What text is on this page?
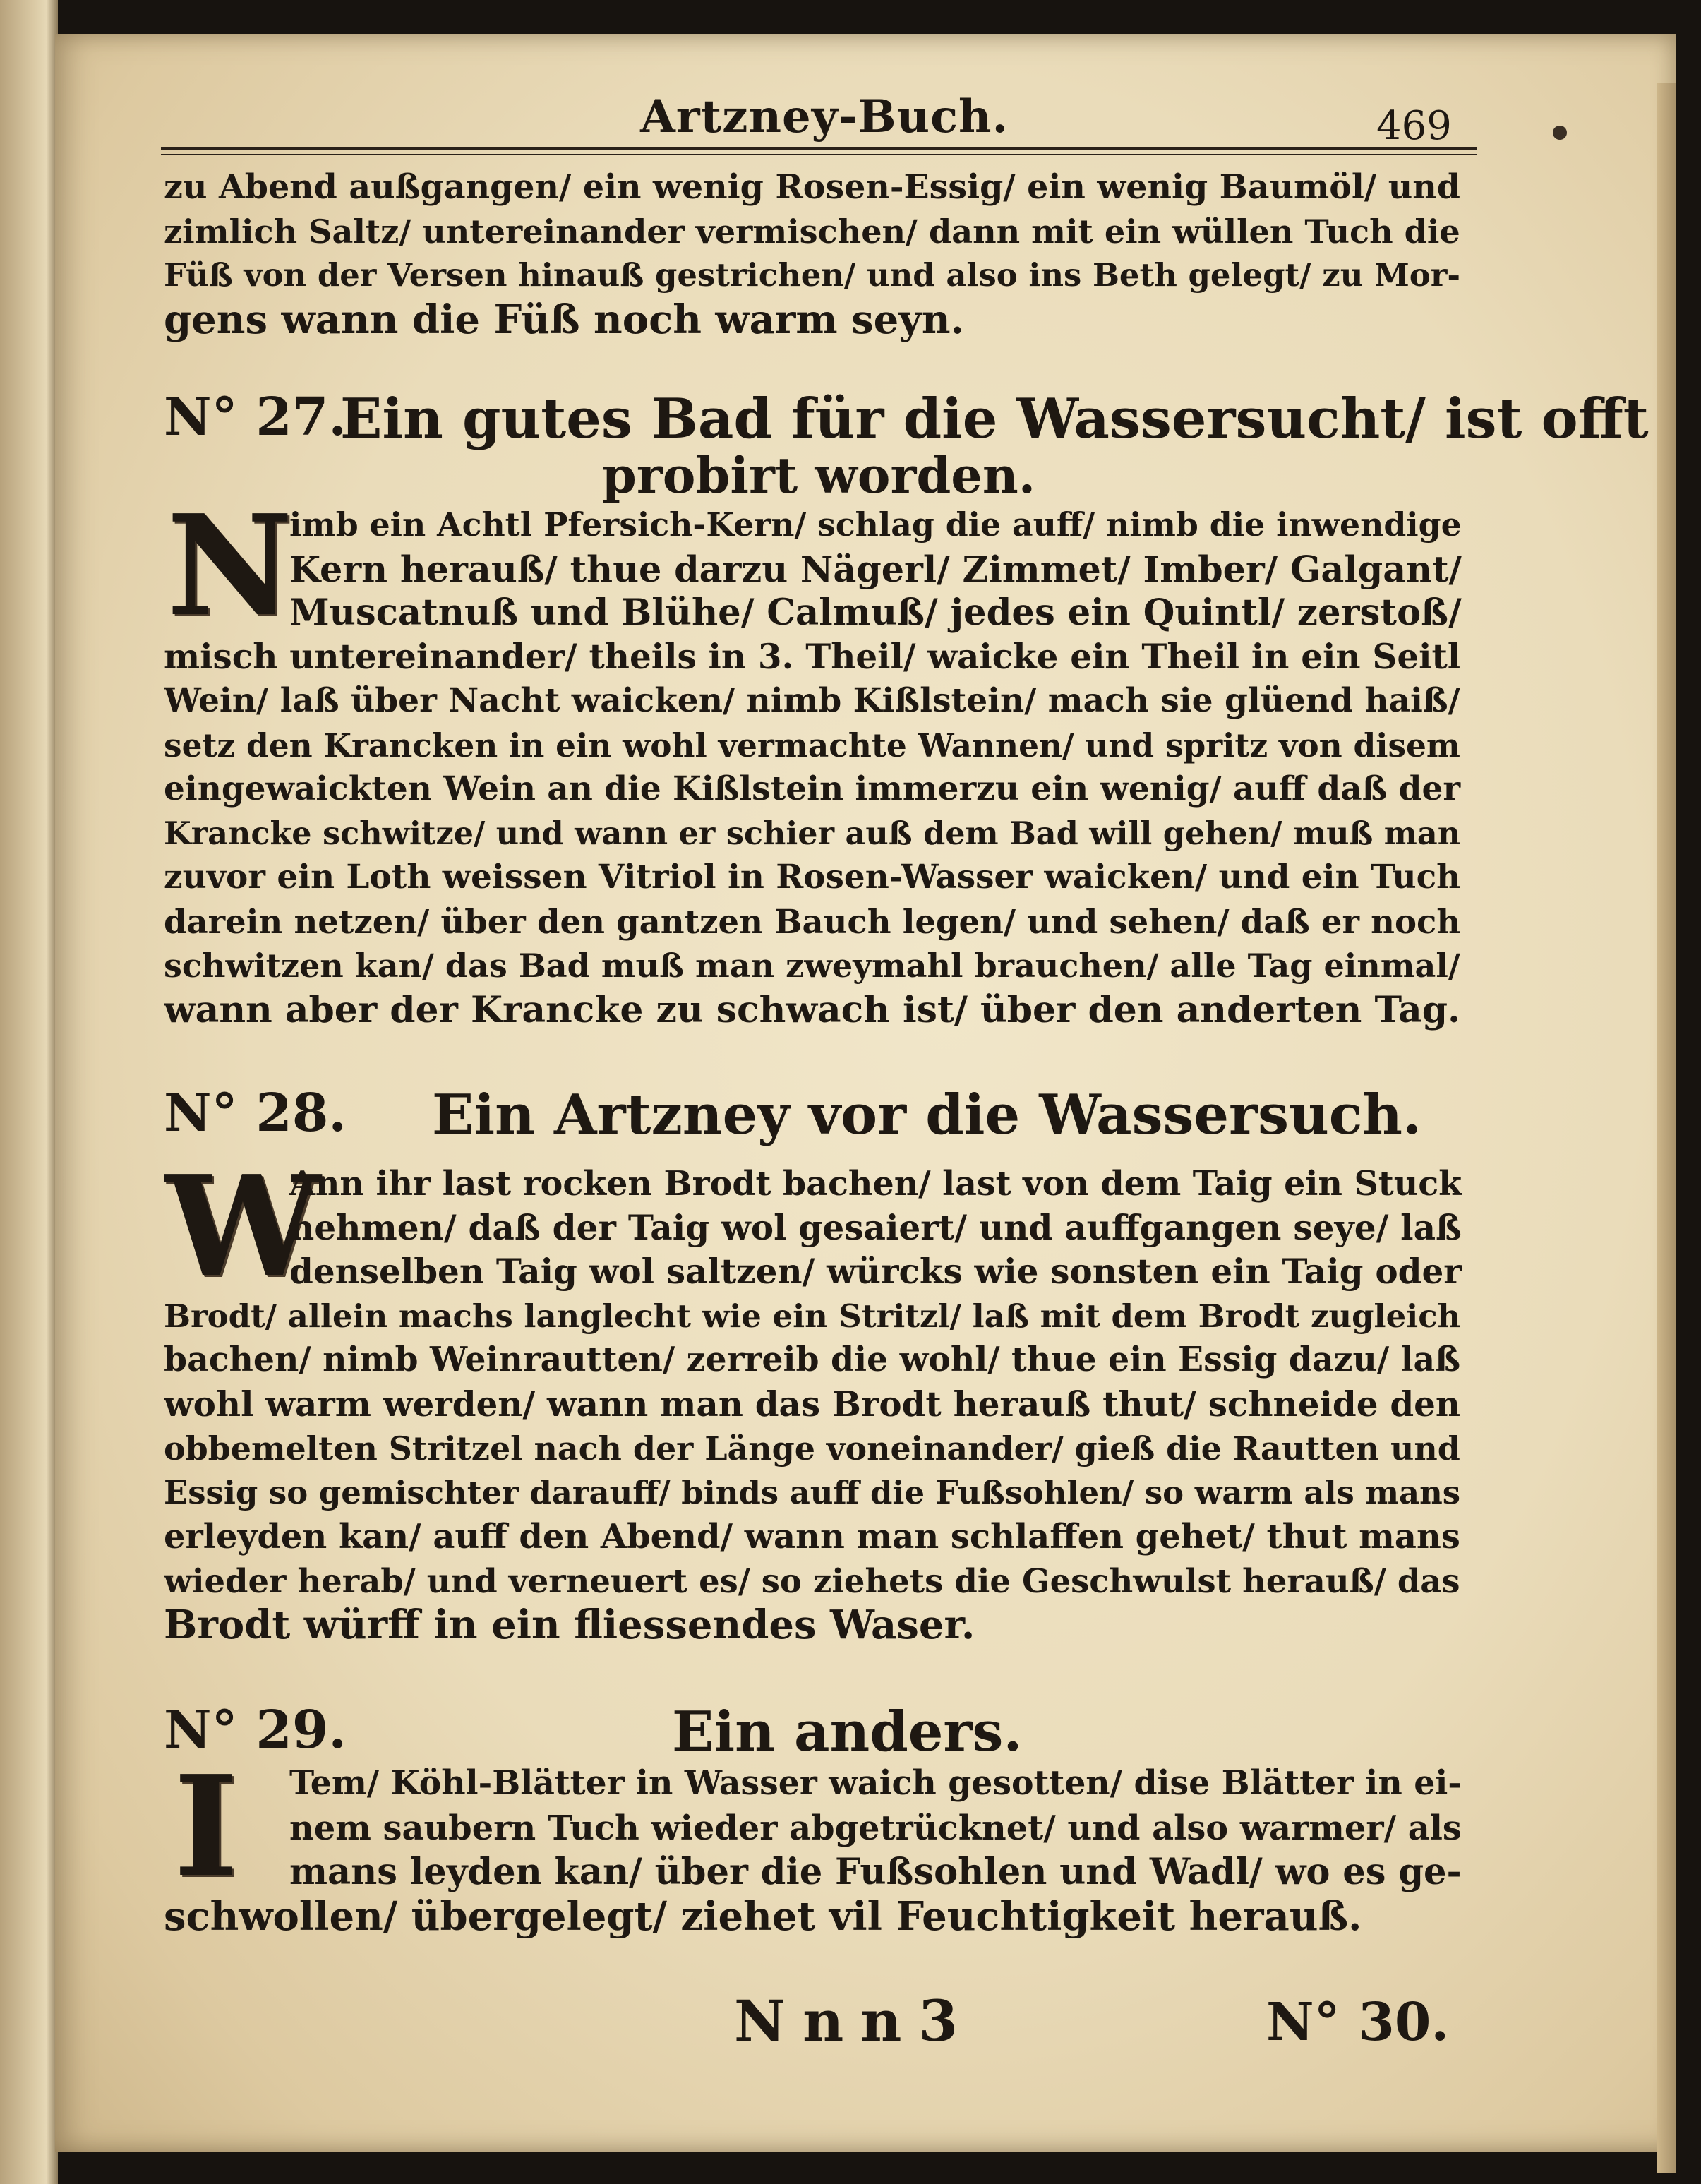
Artzney-Buch.	469
zu Abend außgangen/ ein wenig Rosen-Essig/ ein wenig Baumöl/ und
zimlich Saltz/ untereinander vermischen/ dann mit ein wüllen Tuch die
Füß von der Versen hinauß gestrichen/ und also ins Beth gelegt/ zu Mor-
gens wann die Füß noch warm seyn.
N° 27.
Ein gutes Bad für die Wassersucht/ ist offt
probirt worden.
N
imb ein Achtl Pfersich-Kern/ schlag die auff/ nimb die inwendige
Kern herauß/ thue darzu Nägerl/ Zimmet/ Imber/ Galgant/
Muscatnuß und Blühe/ Calmuß/ jedes ein Quintl/ zerstoß/
misch untereinander/ theils in 3. Theil/ waicke ein Theil in ein Seitl
Wein/ laß über Nacht waicken/ nimb Kißlstein/ mach sie glüend haiß/
setz den Krancken in ein wohl vermachte Wannen/ und spritz von disem
eingewaickten Wein an die Kißlstein immerzu ein wenig/ auff daß der
Krancke schwitze/ und wann er schier auß dem Bad will gehen/ muß man
zuvor ein Loth weissen Vitriol in Rosen-Wasser waicken/ und ein Tuch
darein netzen/ über den gantzen Bauch legen/ und sehen/ daß er noch
schwitzen kan/ das Bad muß man zweymahl brauchen/ alle Tag einmal/
wann aber der Krancke zu schwach ist/ über den anderten Tag.
N° 28. Ein Artzney vor die Wassersuch.
W
Ann ihr last rocken Brodt bachen/ last von dem Taig ein Stuck
nehmen/ daß der Taig wol gesaiert/ und auffgangen seye/ laß
denselben Taig wol saltzen/ würcks wie sonsten ein Taig oder
Brodt/ allein machs langlecht wie ein Stritzl/ laß mit dem Brodt zugleich
bachen/ nimb Weinrautten/ zerreib die wohl/ thue ein Essig dazu/ laß
wohl warm werden/ wann man das Brodt herauß thut/ schneide den
obbemelten Stritzel nach der Länge voneinander/ gieß die Rautten und
Essig so gemischter darauff/ binds auff die Fußsohlen/ so warm als mans
erleyden kan/ auff den Abend/ wann man schlaffen gehet/ thut mans
wieder herab/ und verneuert es/ so ziehets die Geschwulst herauß/ das
Brodt würff in ein fliessendes Waser.
N° 29.	Ein anders.
I	Tem/ Köhl-Blätter in Wasser waich gesotten/ dise Blätter in ei-
nem saubern Tuch wieder abgetrücknet/ und also warmer/ als
mans leyden kan/ über die Fußsohlen und Wadl/ wo es ge-
schwollen/ übergelegt/ ziehet vil Feuchtigkeit herauß.
Nnn3	N° 30.
